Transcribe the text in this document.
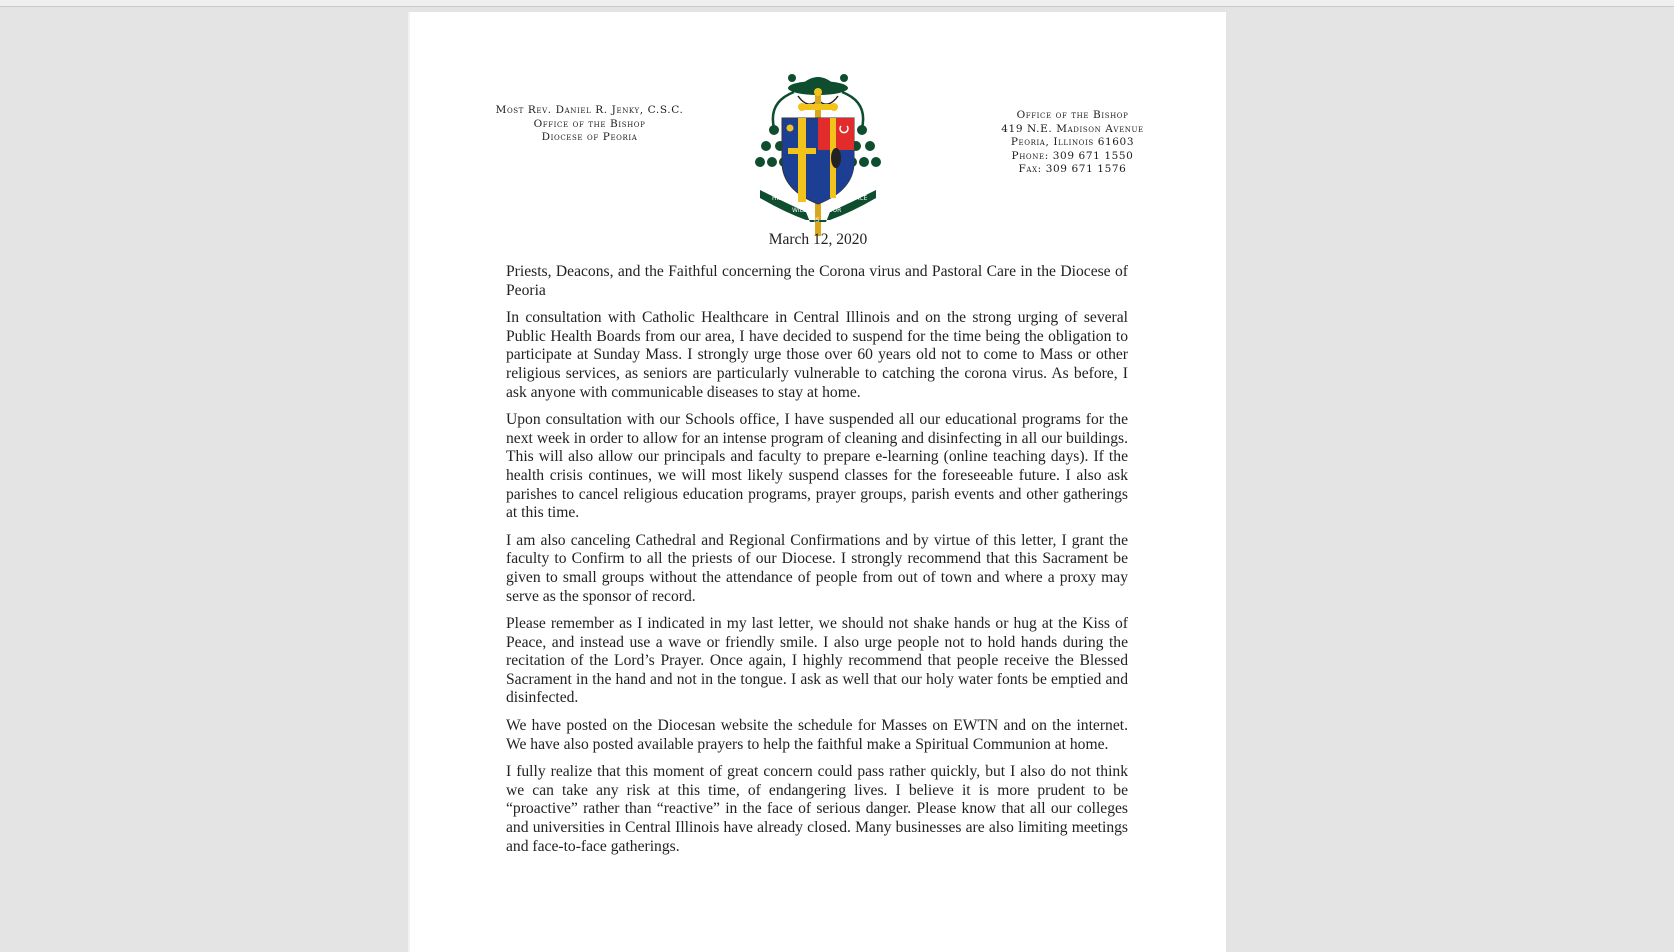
Most Rev. Daniel R. Jenky, C.S.C.
Office of the Bishop
Diocese of Peoria
HIS
WILL
IS
OUR
PEACE
Office of the Bishop
419 N.E. Madison Avenue
Peoria, Illinois 61603
Phone: 309 671 1550
Fax: 309 671 1576
March 12, 2020

Priests, Deacons, and the Faithful concerning the Corona virus and Pastoral Care in the Diocese of Peoria

In consultation with Catholic Healthcare in Central Illinois and on the strong urging of several Public Health Boards from our area, I have decided to suspend for the time being the obligation to participate at Sunday Mass. I strongly urge those over 60 years old not to come to Mass or other religious services, as seniors are particularly vulnerable to catching the corona virus. As before, I ask anyone with communicable diseases to stay at home.

Upon consultation with our Schools office, I have suspended all our educational programs for the next week in order to allow for an intense program of cleaning and disinfecting in all our buildings. This will also allow our principals and faculty to prepare e-learning (online teaching days). If the health crisis continues, we will most likely suspend classes for the foreseeable future. I also ask parishes to cancel religious education programs, prayer groups, parish events and other gatherings at this time.

I am also canceling Cathedral and Regional Confirmations and by virtue of this letter, I grant the faculty to Confirm to all the priests of our Diocese. I strongly recommend that this Sacrament be given to small groups without the attendance of people from out of town and where a proxy may serve as the sponsor of record.

Please remember as I indicated in my last letter, we should not shake hands or hug at the Kiss of Peace, and instead use a wave or friendly smile. I also urge people not to hold hands during the recitation of the Lord’s Prayer. Once again, I highly recommend that people receive the Blessed Sacrament in the hand and not in the tongue. I ask as well that our holy water fonts be emptied and disinfected.

We have posted on the Diocesan website the schedule for Masses on EWTN and on the internet. We have also posted available prayers to help the faithful make a Spiritual Communion at home.

I fully realize that this moment of great concern could pass rather quickly, but I also do not think we can take any risk at this time, of endangering lives. I believe it is more prudent to be “proactive” rather than “reactive” in the face of serious danger. Please know that all our colleges and universities in Central Illinois have already closed. Many businesses are also limiting meetings and face-to-face gatherings.
